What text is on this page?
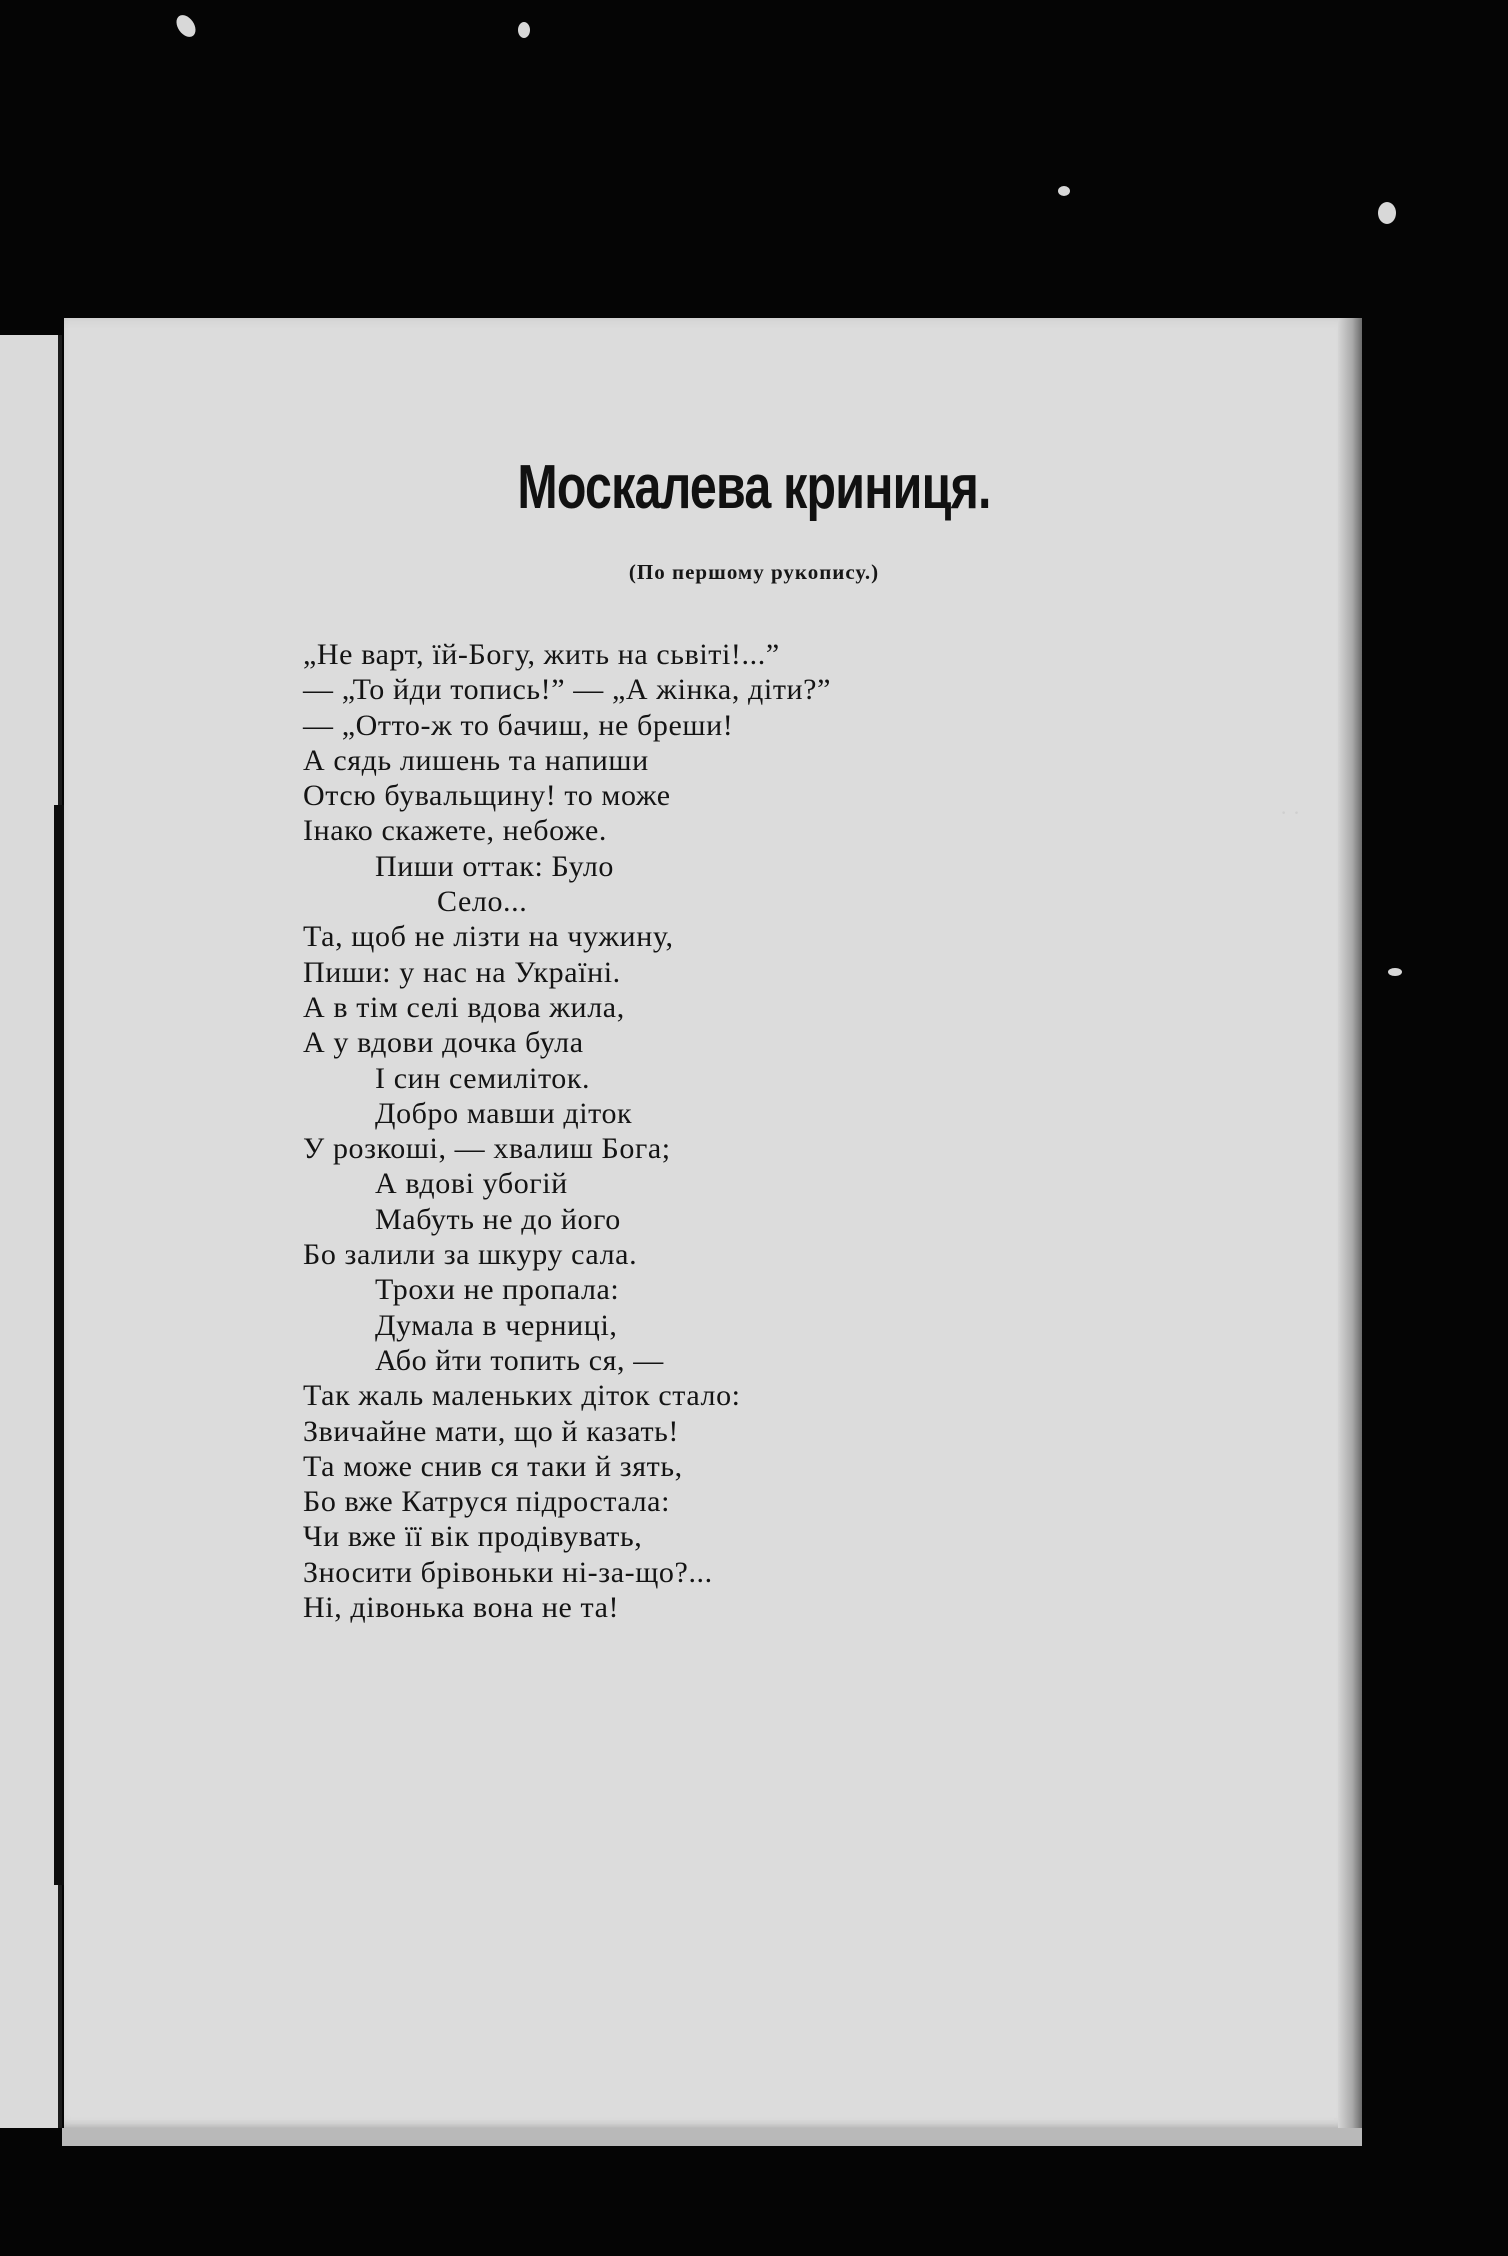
· ·
Москалева криниця.

(По першому рукопису.)

„Не варт, їй-Богу, жить на сьвіті!...”
— „То йди топись!” — „А жінка, діти?”
— „Отто-ж то бачиш, не бреши!
А сядь лишень та напиши
Отсю бувальщину! то може
Інако скажете, небоже.
Пиши оттак: Було
Село...
Та, щоб не лізти на чужину,
Пиши: у нас на Україні.
А в тім селі вдова жила,
А у вдови дочка була
І син семиліток.
Добро мавши діток
У розкоші, — хвалиш Бога;
А вдові убогій
Мабуть не до його
Бо залили за шкуру сала.
Трохи не пропала:
Думала в черниці,
Або йти топить ся, —
Так жаль маленьких діток стало:
Звичайне мати, що й казать!
Та може снив ся таки й зять,
Бо вже Катруся підростала:
Чи вже її вік продівувать,
Зносити брівоньки ні-за-що?...
Ні, дівонька вона не та!
